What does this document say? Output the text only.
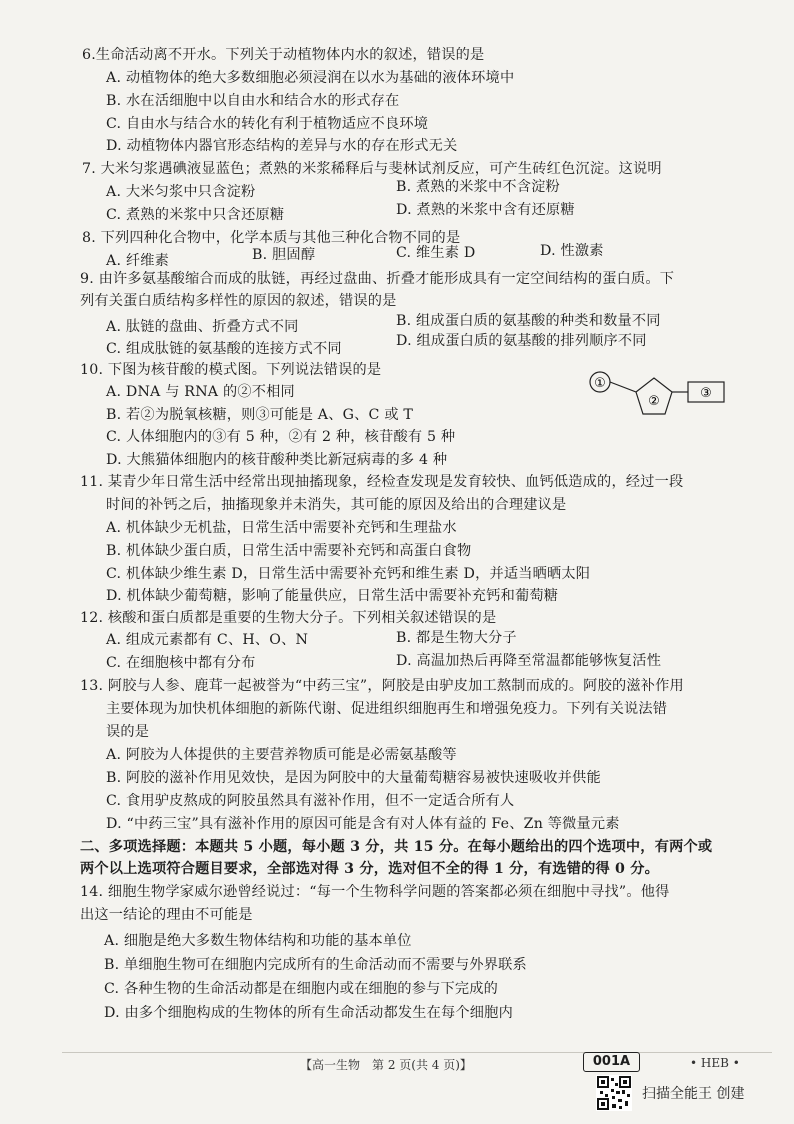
6.生命活动离不开水。下列关于动植物体内水的叙述，错误的是
A. 动植物体的绝大多数细胞必须浸润在以水为基础的液体环境中
B. 水在活细胞中以自由水和结合水的形式存在
C. 自由水与结合水的转化有利于植物适应不良环境
D. 动植物体内器官形态结构的差异与水的存在形式无关
7. 大米匀浆遇碘液显蓝色；煮熟的米浆稀释后与斐林试剂反应，可产生砖红色沉淀。这说明
A. 大米匀浆中只含淀粉	B. 煮熟的米浆中不含淀粉
C. 煮熟的米浆中只含还原糖	D. 煮熟的米浆中含有还原糖
8. 下列四种化合物中，化学本质与其他三种化合物不同的是
A. 纤维素	B. 胆固醇	C. 维生素 D	D. 性激素
9. 由许多氨基酸缩合而成的肽链，再经过盘曲、折叠才能形成具有一定空间结构的蛋白质。下
列有关蛋白质结构多样性的原因的叙述，错误的是
A. 肽链的盘曲、折叠方式不同	B. 组成蛋白质的氨基酸的种类和数量不同
C. 组成肽链的氨基酸的连接方式不同	D. 组成蛋白质的氨基酸的排列顺序不同
10. 下图为核苷酸的模式图。下列说法错误的是
A. DNA 与 RNA 的②不相同
B. 若②为脱氧核糖，则③可能是 A、G、C 或 T
C. 人体细胞内的③有 5 种，②有 2 种，核苷酸有 5 种
D. 大熊猫体细胞内的核苷酸种类比新冠病毒的多 4 种
①
②
③
11. 某青少年日常生活中经常出现抽搐现象，经检查发现是发育较快、血钙低造成的，经过一段
时间的补钙之后，抽搐现象并未消失，其可能的原因及给出的合理建议是
A. 机体缺少无机盐，日常生活中需要补充钙和生理盐水
B. 机体缺少蛋白质，日常生活中需要补充钙和高蛋白食物
C. 机体缺少维生素 D，日常生活中需要补充钙和维生素 D，并适当晒晒太阳
D. 机体缺少葡萄糖，影响了能量供应，日常生活中需要补充钙和葡萄糖
12. 核酸和蛋白质都是重要的生物大分子。下列相关叙述错误的是
A. 组成元素都有 C、H、O、N	B. 都是生物大分子
C. 在细胞核中都有分布	D. 高温加热后再降至常温都能够恢复活性
13. 阿胶与人参、鹿茸一起被誉为“中药三宝”，阿胶是由驴皮加工熬制而成的。阿胶的滋补作用
主要体现为加快机体细胞的新陈代谢、促进组织细胞再生和增强免疫力。下列有关说法错
误的是
A. 阿胶为人体提供的主要营养物质可能是必需氨基酸等
B. 阿胶的滋补作用见效快，是因为阿胶中的大量葡萄糖容易被快速吸收并供能
C. 食用驴皮熬成的阿胶虽然具有滋补作用，但不一定适合所有人
D. “中药三宝”具有滋补作用的原因可能是含有对人体有益的 Fe、Zn 等微量元素
二、多项选择题：本题共 5 小题，每小题 3 分，共 15 分。在每小题给出的四个选项中，有两个或
两个以上选项符合题目要求，全部选对得 3 分，选对但不全的得 1 分，有选错的得 0 分。
14. 细胞生物学家威尔逊曾经说过：“每一个生物科学问题的答案都必须在细胞中寻找”。他得
出这一结论的理由不可能是
A. 细胞是绝大多数生物体结构和功能的基本单位
B. 单细胞生物可在细胞内完成所有的生命活动而不需要与外界联系
C. 各种生物的生命活动都是在细胞内或在细胞的参与下完成的
D. 由多个细胞构成的生物体的所有生命活动都发生在每个细胞内
【高一生物　第 2 页(共 4 页)】	001A	• HEB •
扫描全能王 创建
